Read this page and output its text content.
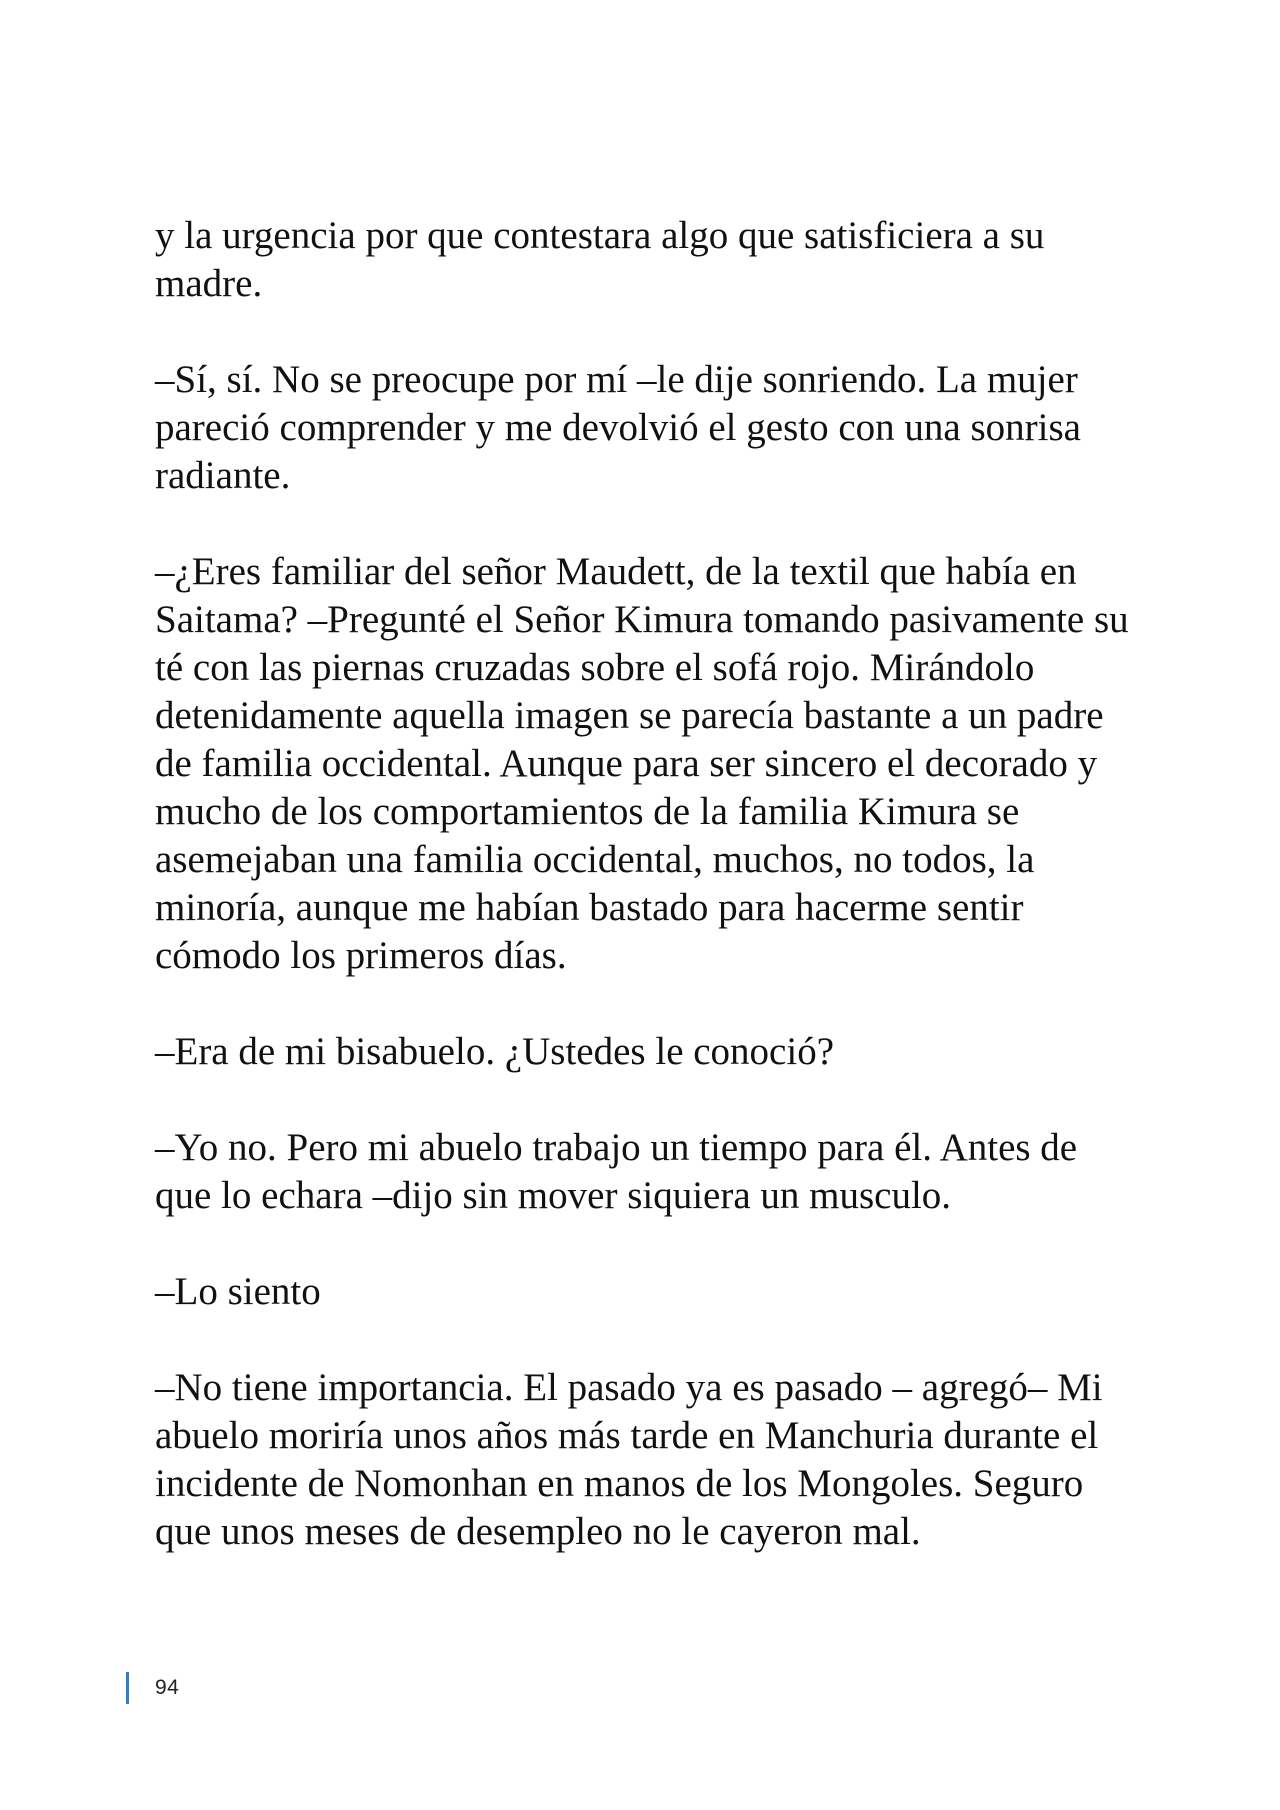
y la urgencia por que contestara algo que satisficiera a su
madre.

–Sí, sí. No se preocupe por mí –le dije sonriendo. La mujer
pareció comprender y me devolvió el gesto con una sonrisa
radiante.

–¿Eres familiar del señor Maudett, de la textil que había en
Saitama? –Pregunté el Señor Kimura tomando pasivamente su
té con las piernas cruzadas sobre el sofá rojo. Mirándolo
detenidamente aquella imagen se parecía bastante a un padre
de familia occidental. Aunque para ser sincero el decorado y
mucho de los comportamientos de la familia Kimura se
asemejaban una familia occidental, muchos, no todos, la
minoría, aunque me habían bastado para hacerme sentir
cómodo los primeros días.

–Era de mi bisabuelo. ¿Ustedes le conoció?

–Yo no. Pero mi abuelo trabajo un tiempo para él. Antes de
que lo echara –dijo sin mover siquiera un musculo.

–Lo siento

–No tiene importancia. El pasado ya es pasado – agregó– Mi
abuelo moriría unos años más tarde en Manchuria durante el
incidente de Nomonhan en manos de los Mongoles. Seguro
que unos meses de desempleo no le cayeron mal.

94
